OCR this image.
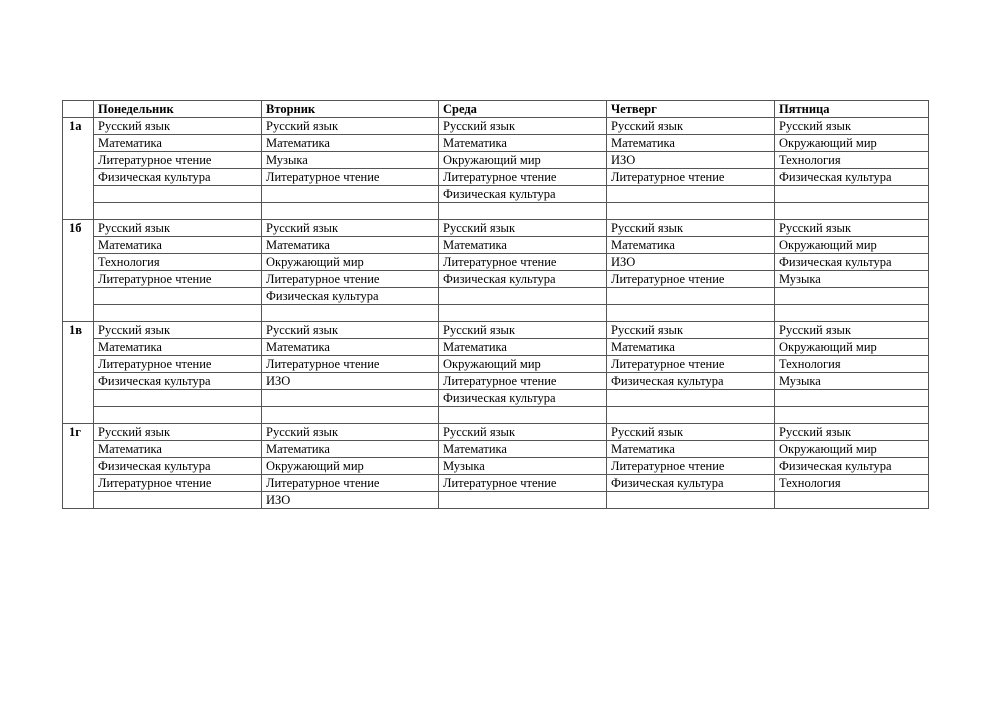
	Понедельник	Вторник	Среда	Четверг	Пятница
1а	Русский язык	Русский язык	Русский язык	Русский язык	Русский язык
	Математика	Математика	Математика	Математика	Окружающий мир
	Литературное чтение	Музыка	Окружающий мир	ИЗО	Технология
	Физическая культура	Литературное чтение	Литературное чтение	Литературное чтение	Физическая культура
			Физическая культура		

1б	Русский язык	Русский язык	Русский язык	Русский язык	Русский язык
	Математика	Математика	Математика	Математика	Окружающий мир
	Технология	Окружающий мир	Литературное чтение	ИЗО	Физическая культура
	Литературное чтение	Литературное чтение	Физическая культура	Литературное чтение	Музыка
		Физическая культура			

1в	Русский язык	Русский язык	Русский язык	Русский язык	Русский язык
	Математика	Математика	Математика	Математика	Окружающий мир
	Литературное чтение	Литературное чтение	Окружающий мир	Литературное чтение	Технология
	Физическая культура	ИЗО	Литературное чтение	Физическая культура	Музыка
			Физическая культура		

1г	Русский язык	Русский язык	Русский язык	Русский язык	Русский язык
	Математика	Математика	Математика	Математика	Окружающий мир
	Физическая культура	Окружающий мир	Музыка	Литературное чтение	Физическая культура
	Литературное чтение	Литературное чтение	Литературное чтение	Физическая культура	Технология
		ИЗО			
